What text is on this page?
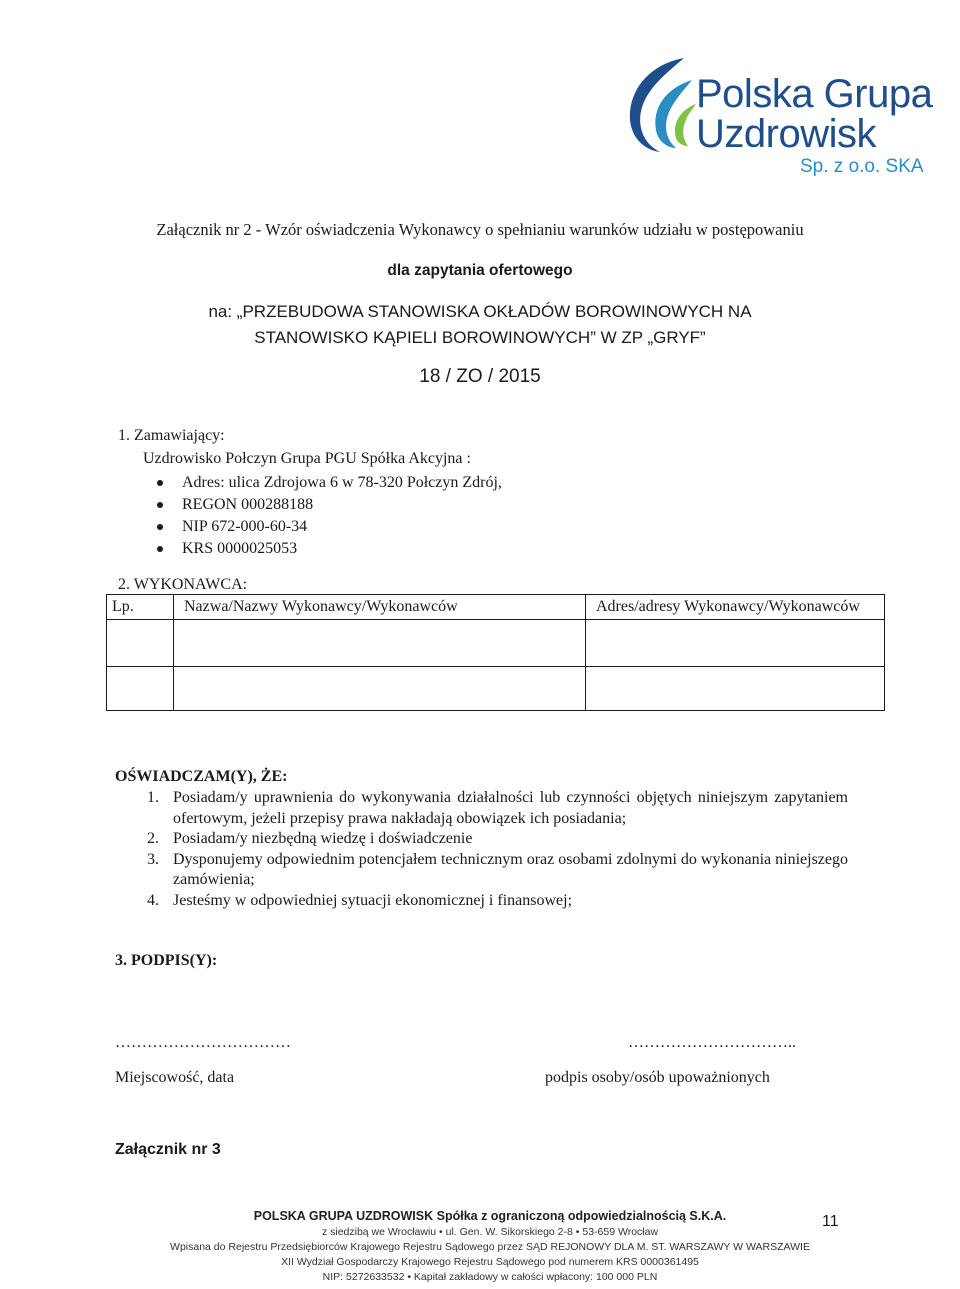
Polska Grupa
Uzdrowisk
Sp. z o.o. SKA
Załącznik nr 2 - Wzór oświadczenia Wykonawcy o spełnianiu warunków udziału w postępowaniu
dla zapytania ofertowego
na: „PRZEBUDOWA STANOWISKA OKŁADÓW BOROWINOWYCH NA
STANOWISKO KĄPIELI BOROWINOWYCH” W ZP „GRYF”
18 / ZO / 2015
1. Zamawiający:
Uzdrowisko Połczyn Grupa PGU Spółka Akcyjna :
Adres: ulica Zdrojowa 6 w 78-320 Połczyn Zdrój,
REGON 000288188
NIP 672-000-60-34
KRS 0000025053
2. WYKONAWCA:
Lp.	Nazwa/Nazwy Wykonawcy/Wykonawców	Adres/adresy Wykonawcy/Wykonawców

OŚWIADCZAM(Y), ŻE:
1. Posiadam/y uprawnienia do wykonywania działalności lub czynności objętych niniejszym zapytaniem ofertowym, jeżeli przepisy prawa nakładają obowiązek ich posiadania;
2. Posiadam/y niezbędną wiedzę i doświadczenie
3. Dysponujemy odpowiednim potencjałem technicznym oraz osobami zdolnymi do wykonania niniejszego zamówienia;
4. Jesteśmy w odpowiedniej sytuacji ekonomicznej i finansowej;
3. PODPIS(Y):
……………………………	…………………………..
Miejscowość, data	podpis osoby/osób upoważnionych
Załącznik nr 3
POLSKA GRUPA UZDROWISK Spółka z ograniczoną odpowiedzialnością S.K.A.
z siedzibą we Wrocławiu • ul. Gen. W. Sikorskiego 2-8 • 53-659 Wrocław
Wpisana do Rejestru Przedsiębiorców Krajowego Rejestru Sądowego przez SĄD REJONOWY DLA M. ST. WARSZAWY W WARSZAWIE
XII Wydział Gospodarczy Krajowego Rejestru Sądowego pod numerem KRS 0000361495
NIP: 5272633532 • Kapitał zakładowy w całości wpłacony: 100 000 PLN
11
